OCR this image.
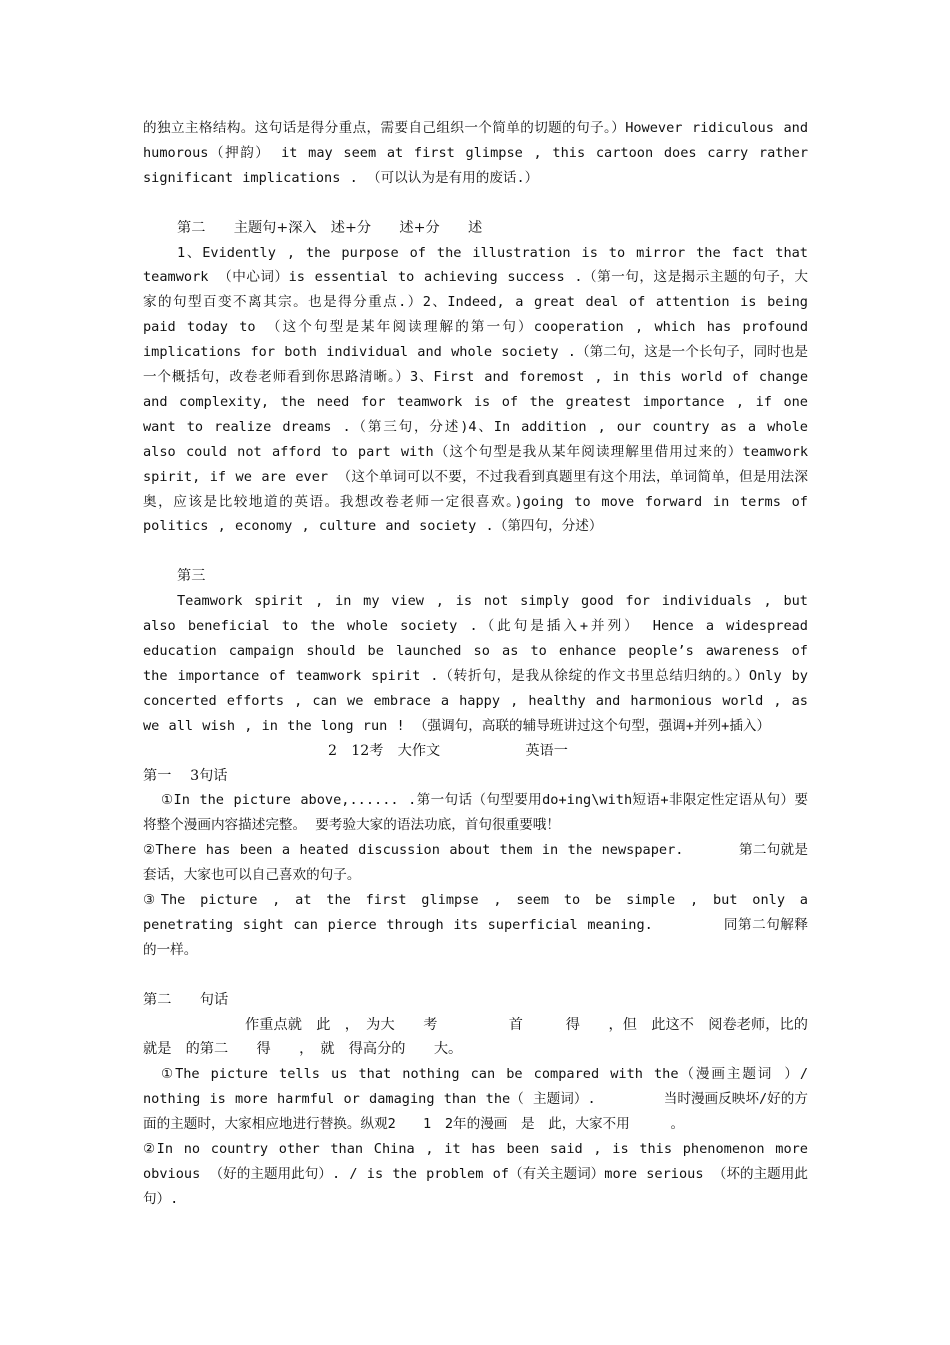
的独立主格结构。这句话是得分重点，需要自己组织一个简单的切题的句子。）However ridiculous and humorous（押韵） it may seem at first glimpse , this cartoon does carry rather significant implications . （可以认为是有用的废话.）

第二　　主题句+深入　述+分　　述+分　　述

1、Evidently , the purpose of the illustration is to mirror the fact that teamwork （中心词）is essential to achieving success .（第一句，这是揭示主题的句子，大家的句型百变不离其宗。也是得分重点.）2、Indeed, a great deal of attention is being paid today to （这个句型是某年阅读理解的第一句）cooperation , which has profound implications for both individual and whole society .（第二句，这是一个长句子，同时也是一个概括句，改卷老师看到你思路清晰。）3、First and foremost , in this world of change and complexity, the need for teamwork is of the greatest importance , if one want to realize dreams .（第三句，分述)4、In addition , our country as a whole also could not afford to part with（这个句型是我从某年阅读理解里借用过来的）teamwork spirit, if we are ever （这个单词可以不要，不过我看到真题里有这个用法，单词简单，但是用法深奥，应该是比较地道的英语。我想改卷老师一定很喜欢。)going to move forward in terms of politics , economy , culture and society .（第四句，分述）

第三

Teamwork spirit , in my view , is not simply good for individuals , but also beneficial to the whole society .（此句是插入+并列） Hence a widespread education campaign should be launched so as to enhance people’s awareness of the importance of teamwork spirit .（转折句，是我从徐绽的作文书里总结归纳的。）Only by concerted efforts , can we embrace a happy , healthy and harmonious world , as we all wish , in the long run ! （强调句，高联的辅导班讲过这个句型，强调+并列+插入）

2　12考　大作文　　　　　　英语一

第一　 3句话

①In the picture above,...... .第一句话（句型要用do+ing\with短语+非限定性定语从句）要将整个漫画内容描述完整。 要考验大家的语法功底，首句很重要哦！

②There has been a heated discussion about them in the newspaper.　　　　第二句就是套话，大家也可以自己喜欢的句子。

③The picture , at the first glimpse , seem to be simple , but only a penetrating sight can pierce through its superficial meaning.　　　　　同第二句解释的一样。

第二　　句话

作重点就　此　，　为大　　考　　　　　首　　　得　　，但　此这不　阅卷老师，比的就是　的第二　　得　　，　就　得高分的　　大。

①The picture tells us that nothing can be compared with the（漫画主题词 ）/ nothing is more harmful or damaging than the（ 主题词）.　　　　　当时漫画反映坏/好的方面的主题时，大家相应地进行替换。纵观2　　1　2年的漫画　是　此，大家不用　　　。

②In no country other than China , it has been said , is this phenomenon more obvious （好的主题用此句）. / is the problem of（有关主题词）more serious （坏的主题用此句）.
